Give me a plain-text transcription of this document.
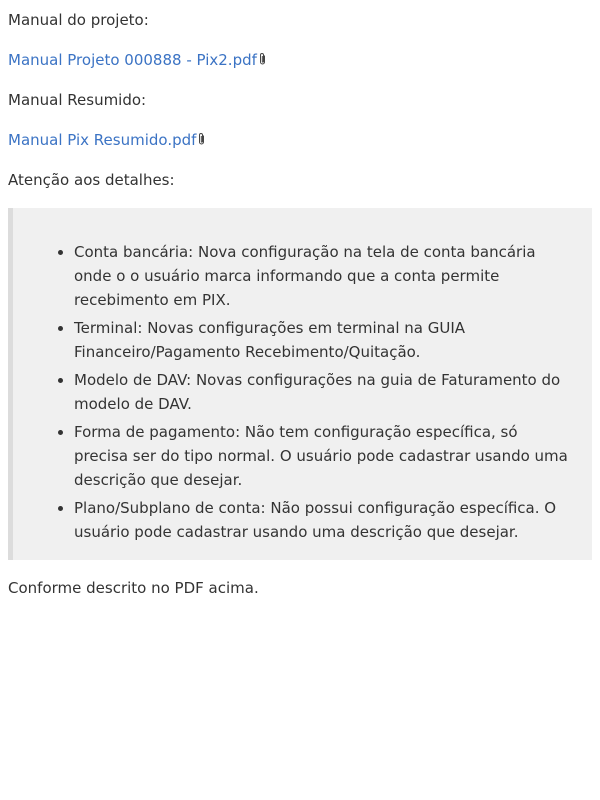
Manual do projeto:

Manual Projeto 000888 - Pix2.pdf

Manual Resumido:

Manual Pix Resumido.pdf

Atenção aos detalhes:

• Conta bancária: Nova configuração na tela de conta bancária onde o o usuário marca informando que a conta permite recebimento em PIX.
• Terminal: Novas configurações em terminal na GUIA Financeiro/Pagamento Recebimento/Quitação.
• Modelo de DAV: Novas configurações na guia de Faturamento do modelo de DAV.
• Forma de pagamento: Não tem configuração específica, só precisa ser do tipo normal. O usuário pode cadastrar usando uma descrição que desejar.
• Plano/Subplano de conta: Não possui configuração específica. O usuário pode cadastrar usando uma descrição que desejar.

Conforme descrito no PDF acima.
